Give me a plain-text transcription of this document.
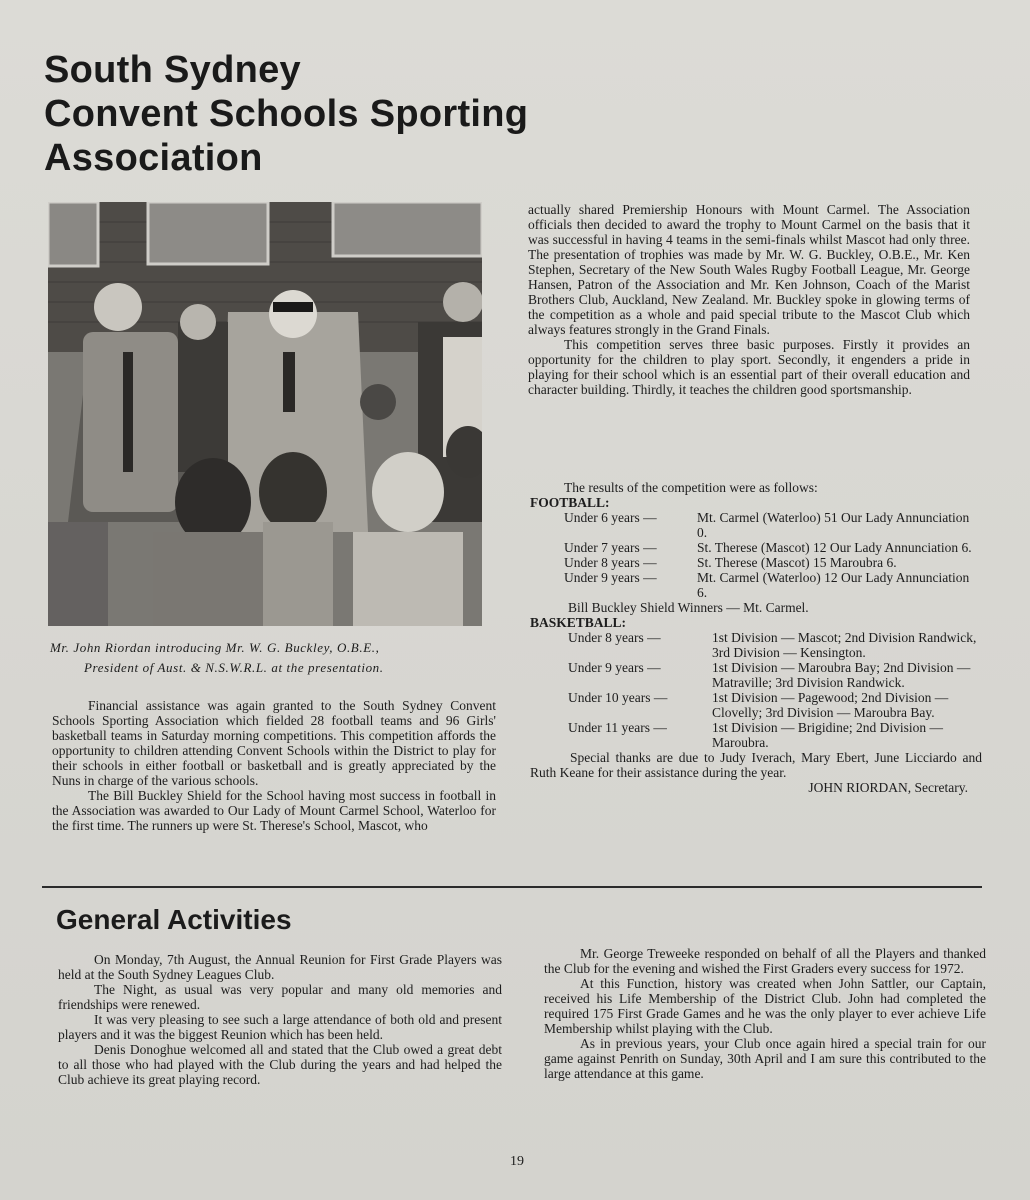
South Sydney
Convent Schools Sporting
Association
Mr. John Riordan introducing Mr. W. G. Buckley, O.B.E.,
President of Aust. & N.S.W.R.L. at the presentation.

Financial assistance was again granted to the South Sydney Convent Schools Sporting Association which fielded 28 football teams and 96 Girls' basketball teams in Saturday morning competitions. This competition affords the opportunity to children attending Convent Schools within the District to play for their schools in either football or basketball and is greatly appreciated by the Nuns in charge of the various schools.

The Bill Buckley Shield for the School having most success in football in the Association was awarded to Our Lady of Mount Carmel School, Waterloo for the first time. The runners up were St. Therese's School, Mascot, who

actually shared Premiership Honours with Mount Carmel. The Association officials then decided to award the trophy to Mount Carmel on the basis that it was successful in having 4 teams in the semi-finals whilst Mascot had only three. The presentation of trophies was made by Mr. W. G. Buckley, O.B.E., Mr. Ken Stephen, Secretary of the New South Wales Rugby Football League, Mr. George Hansen, Patron of the Association and Mr. Ken Johnson, Coach of the Marist Brothers Club, Auckland, New Zealand. Mr. Buckley spoke in glowing terms of the competition as a whole and paid special tribute to the Mascot Club which always features strongly in the Grand Finals.

This competition serves three basic purposes. Firstly it provides an opportunity for the children to play sport. Secondly, it engenders a pride in playing for their school which is an essential part of their overall education and character building. Thirdly, it teaches the children good sportsmanship.

The results of the competition were as follows:
FOOTBALL:
Under 6 years —	Mt. Carmel (Waterloo) 51 Our Lady Annunciation 0.
Under 7 years —	St. Therese (Mascot) 12 Our Lady Annunciation 6.
Under 8 years —	St. Therese (Mascot) 15 Maroubra 6.
Under 9 years —	Mt. Carmel (Waterloo) 12 Our Lady Annunciation 6.
Bill Buckley Shield Winners — Mt. Carmel.
BASKETBALL:
Under 8 years —	1st Division — Mascot; 2nd Division Randwick, 3rd Division — Kensington.
Under 9 years —	1st Division — Maroubra Bay; 2nd Division — Matraville; 3rd Division Randwick.
Under 10 years —	1st Division — Pagewood; 2nd Division — Clovelly; 3rd Division — Maroubra Bay.
Under 11 years —	1st Division — Brigidine; 2nd Division — Maroubra.
Special thanks are due to Judy Iverach, Mary Ebert, June Licciardo and Ruth Keane for their assistance during the year.
JOHN RIORDAN, Secretary.
General Activities

On Monday, 7th August, the Annual Reunion for First Grade Players was held at the South Sydney Leagues Club.

The Night, as usual was very popular and many old memories and friendships were renewed.

It was very pleasing to see such a large attendance of both old and present players and it was the biggest Reunion which has been held.

Denis Donoghue welcomed all and stated that the Club owed a great debt to all those who had played with the Club during the years and had helped the Club achieve its great playing record.

Mr. George Treweeke responded on behalf of all the Players and thanked the Club for the evening and wished the First Graders every success for 1972.

At this Function, history was created when John Sattler, our Captain, received his Life Membership of the District Club. John had completed the required 175 First Grade Games and he was the only player to ever achieve Life Membership whilst playing with the Club.

As in previous years, your Club once again hired a special train for our game against Penrith on Sunday, 30th April and I am sure this contributed to the large attendance at this game.

19
